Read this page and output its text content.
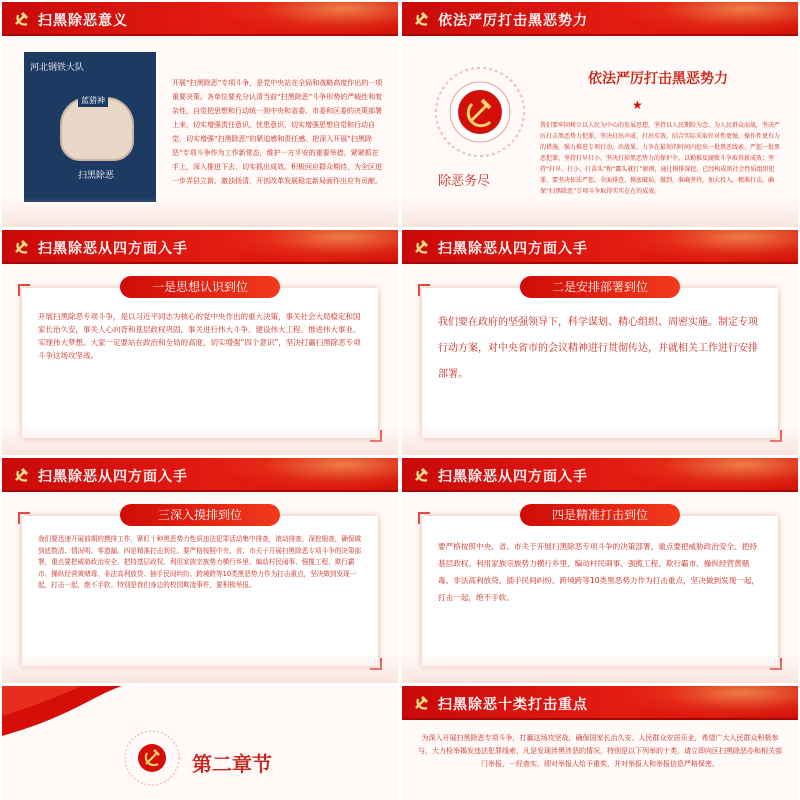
扫黑除恶意义
河北钢铁大队
蓝猎神
扫黑除恶
开展“扫黑除恶”专项斗争，是党中央站在全局和战略高度作出的一项重要决策。各单位要充分认清当前“扫黑除恶”斗争形势的严峻性和复杂性，自觉把思想和行动统一到中央和省委、市委和区委的决策部署上来，切实增强责任意识、忧患意识，切实增强思想自觉和行动自觉，切实增强“扫黑除恶”的紧迫感和责任感。把深入开展“扫黑除恶”专项斗争作为工作新常态，维护一方平安的重要举措，紧紧抓在手上，深入推进下去，切实抓出成效。积极回应群众期待，为全区进一步弄县立新、激浊扬清，开创改革发展稳定新局面作出应有贡献。
依法严厉打击黑恶势力
依法严厉打击黑恶势力
★
除恶务尽
我们要牢固树立以人民为中心的发展思想，坚持以人民期盼为念、为人民群众而战，坚决严厉打击黑恶势力犯罪，坚决打出声威、打出实效。结合实际采取针对性更强、操作性更有力的措施，强力推进专项行动，出战果，力争在最短的时间内挖出一批黑恶线索、严惩一批黑恶犯罪，坚持打早打小，坚决打掉黑恶势力的保护伞，以勤推反腐败斗争取得新成效；坚持“打早、打小、打苗头”和“露头就打”原则，通过摸排深挖，已经构成黑社会性质组织犯罪、要坚决依法严惩，全面排查，摸底破局，做到，准确坚持，加大投入，精准打击，确保“扫黑除恶”专项斗争取得实实在在的成效。
扫黑除恶从四方面入手
一是思想认识到位
开展扫黑除恶专项斗争，是以习近平同志为核心的党中央作出的重大决策，事关社会大局稳定和国家长治久安，事关人心向背和基层政权巩固，事关进行伟大斗争、建设伟大工程、推进伟大事业、实现伟大梦想。大家一定要站在政治和全局的高度，切实增强“四个意识”，坚决打赢扫黑除恶专项斗争这场攻坚战。
扫黑除恶从四方面入手
二是安排部署到位
我们要在政府的坚强领导下，科学谋划、精心组织、周密实施。制定专项行动方案，对中央省市的会议精神进行贯彻传达，并就相关工作进行安排部署。
扫黑除恶从四方面入手
三深入摸排到位
我们要迅速开展前期的摸排工作，紧盯十种黑恶势力性质违法犯罪活动集中排查，滚动排查，深挖细查，确保做到底数清、情况明、零遗漏。四是精准打击到位。要严格按照中央、省、市关于开展扫黑除恶专项斗争的决策部署，重点要把威胁政治安全、把持基层政权、利用家族宗族势力横行乡里、编动村民闹事、强揽工程、欺行霸市、操纵经营黄赌毒、非法高利放贷、插手民间纠纷、跨境跨等10类黑恶势力作为打击重点，坚决做到发现一起，打击一起，绝不手软。特别是我们身边的校园欺凌事件，要积极举报。
扫黑除恶从四方面入手
四是精准打击到位
要严格按照中央、省、市关于开展扫黑除恶专项斗争的决策部署，重点要把威胁政治安全、把持基层政权、利用家族宗族势力横行乡里、编动村民闹事、强揽工程、欺行霸市、操纵经营黄赌毒、非法高利放贷、插手民间纠纷、跨境跨等10类黑恶势力作为打击重点，坚决做到发现一起，打击一起，绝不手软。
第二章节
扫黑除恶十类打击重点
为深入开展扫黑除恶专项斗争，打赢这场攻坚战，确保国家长治久安、人民群众安居乐业，希望广大人民群众积极参与，大力检举揭发违法犯罪线索，凡是发现涉黑涉恶的情况，特别是以下列举的十类，请立即向区扫黑除恶办和相关部门举报，一经查实，即对举报人给予重奖，并对举报人和举报信息严格保密。
